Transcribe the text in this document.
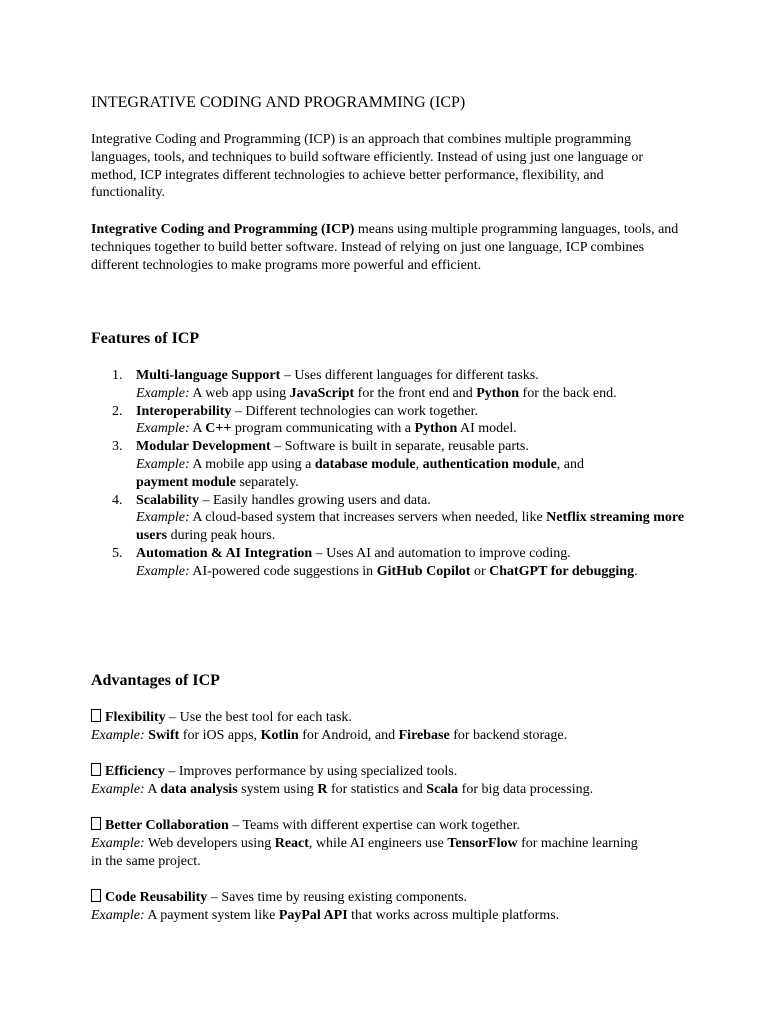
INTEGRATIVE CODING AND PROGRAMMING (ICP)

Integrative Coding and Programming (ICP) is an approach that combines multiple programming languages, tools, and techniques to build software efficiently. Instead of using just one language or method, ICP integrates different technologies to achieve better performance, flexibility, and functionality.

Integrative Coding and Programming (ICP) means using multiple programming languages, tools, and techniques together to build better software. Instead of relying on just one language, ICP combines different technologies to make programs more powerful and efficient.

Features of ICP
1. Multi-language Support – Uses different languages for different tasks.
Example: A web app using JavaScript for the front end and Python for the back end.
2. Interoperability – Different technologies can work together.
Example: A C++ program communicating with a Python AI model.
3. Modular Development – Software is built in separate, reusable parts.
Example: A mobile app using a database module, authentication module, and
payment module separately.
4. Scalability – Easily handles growing users and data.
Example: A cloud-based system that increases servers when needed, like Netflix streaming more users during peak hours.
5. Automation & AI Integration – Uses AI and automation to improve coding.
Example: AI-powered code suggestions in GitHub Copilot or ChatGPT for debugging.
Advantages of ICP

Flexibility – Use the best tool for each task.

Example: Swift for iOS apps, Kotlin for Android, and Firebase for backend storage.

Efficiency – Improves performance by using specialized tools.

Example: A data analysis system using R for statistics and Scala for big data processing.

Better Collaboration – Teams with different expertise can work together.

Example: Web developers using React, while AI engineers use TensorFlow for machine learning in the same project.

Code Reusability – Saves time by reusing existing components.

Example: A payment system like PayPal API that works across multiple platforms.
